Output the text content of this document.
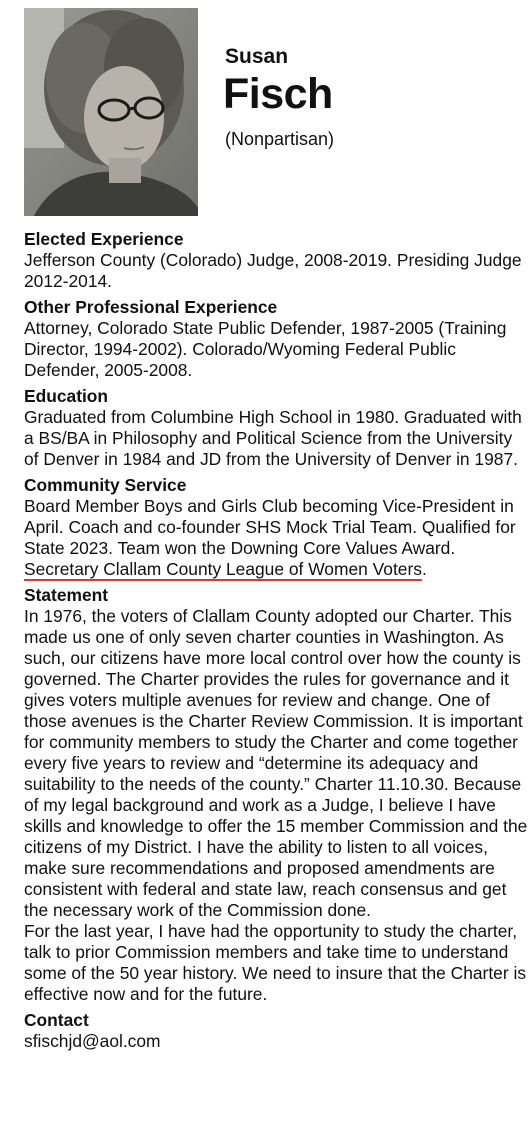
Susan
Fisch
(Nonpartisan)
Elected Experience
Jefferson County (Colorado) Judge, 2008-2019. Presiding Judge 2012-2014.
Other Professional Experience
Attorney, Colorado State Public Defender, 1987-2005 (Training Director, 1994-2002). Colorado/Wyoming Federal Public Defender, 2005-2008.
Education
Graduated from Columbine High School in 1980. Graduated with a BS/BA in Philosophy and Political Science from the University of Denver in 1984 and JD from the University of Denver in 1987.
Community Service
Board Member Boys and Girls Club becoming Vice-President in April. Coach and co-founder SHS Mock Trial Team. Qualified for State 2023. Team won the Downing Core Values Award. Secretary Clallam County League of Women Voters.
Statement

In 1976, the voters of Clallam County adopted our Charter. This made us one of only seven charter counties in Washington. As such, our citizens have more local control over how the county is governed. The Charter provides the rules for governance and it gives voters multiple avenues for review and change. One of those avenues is the Charter Review Commission. It is important for community members to study the Charter and come together every five years to review and “determine its adequacy and suitability to the needs of the county.” Charter 11.10.30. Because of my legal background and work as a Judge, I believe I have skills and knowledge to offer the 15 member Commission and the citizens of my District. I have the ability to listen to all voices, make sure recommendations and proposed amendments are consistent with federal and state law, reach consensus and get the necessary work of the Commission done.

For the last year, I have had the opportunity to study the charter, talk to prior Commission members and take time to understand some of the 50 year history. We need to insure that the Charter is effective now and for the future.

Contact
sfischjd@aol.com
